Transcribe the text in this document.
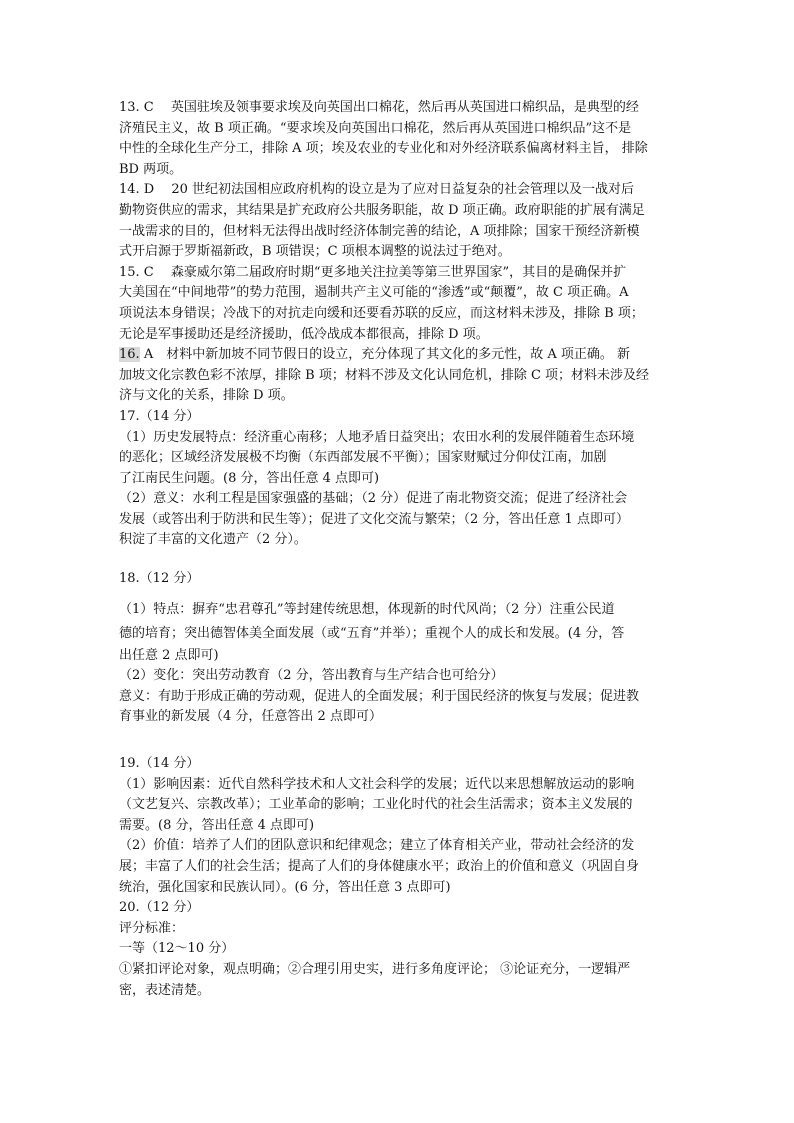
13. C　 英国驻埃及领事要求埃及向英国出口棉花，然后再从英国进口棉织品，是典型的经
济殖民主义，故 B 项正确。“要求埃及向英国出口棉花，然后再从英国进口棉织品”这不是
中性的全球化生产分工，排除 A 项；埃及农业的专业化和对外经济联系偏离材料主旨， 排除
BD 两项。
14. D　 20 世纪初法国相应政府机构的设立是为了应对日益复杂的社会管理以及一战对后
勤物资供应的需求，其结果是扩充政府公共服务职能，故 D 项正确。政府职能的扩展有满足
一战需求的目的，但材料无法得出战时经济体制完善的结论，A 项排除；国家干预经济新模
式开启源于罗斯福新政，B 项错误；C 项根本调整的说法过于绝对。
15. C　 森豪威尔第二届政府时期“更多地关注拉美等第三世界国家”，其目的是确保并扩
大美国在“中间地带”的势力范围，遏制共产主义可能的“渗透”或“颠覆”，故 C 项正确。A
项说法本身错误；冷战下的对抗走向缓和还要看苏联的反应，而这材料未涉及，排除 B 项；
无论是军事援助还是经济援助，低冷战成本都很高，排除 D 项。
16. A　材料中新加坡不同节假日的设立，充分体现了其文化的多元性，故 A 项正确。 新
加坡文化宗教色彩不浓厚，排除 B 项；材料不涉及文化认同危机，排除 C 项；材料未涉及经
济与文化的关系，排除 D 项。
17.（14 分）
（1）历史发展特点：经济重心南移；人地矛盾日益突出；农田水利的发展伴随着生态环境
的恶化；区域经济发展极不均衡（东西部发展不平衡）；国家财赋过分仰仗江南，加剧
了江南民生问题。(8 分，答出任意 4 点即可)
（2）意义：水利工程是国家强盛的基础；（2 分）促进了南北物资交流；促进了经济社会
发展（或答出利于防洪和民生等）；促进了文化交流与繁荣；（2 分，答出任意 1 点即可）
积淀了丰富的文化遗产（2 分）。
18.（12 分）
（1）特点：摒弃“忠君尊孔”等封建传统思想，体现新的时代风尚；（2 分）注重公民道
德的培育；突出德智体美全面发展（或“五育”并举）；重视个人的成长和发展。(4 分，答
出任意 2 点即可)
（2）变化：突出劳动教育（2 分，答出教育与生产结合也可给分）
意义：有助于形成正确的劳动观，促进人的全面发展；利于国民经济的恢复与发展；促进教
育事业的新发展（4 分，任意答出 2 点即可）
19.（14 分）
（1）影响因素：近代自然科学技术和人文社会科学的发展；近代以来思想解放运动的影响
（文艺复兴、宗教改革）；工业革命的影响；工业化时代的社会生活需求；资本主义发展的
需要。(8 分，答出任意 4 点即可)
（2）价值：培养了人们的团队意识和纪律观念；建立了体育相关产业，带动社会经济的发
展；丰富了人们的社会生活；提高了人们的身体健康水平；政治上的价值和意义（巩固自身
统治，强化国家和民族认同）。(6 分，答出任意 3 点即可)
20.（12 分）
评分标准：
一等（12～10 分）
①紧扣评论对象，观点明确；②合理引用史实，进行多角度评论； ③论证充分，一逻辑严
密，表述清楚。
